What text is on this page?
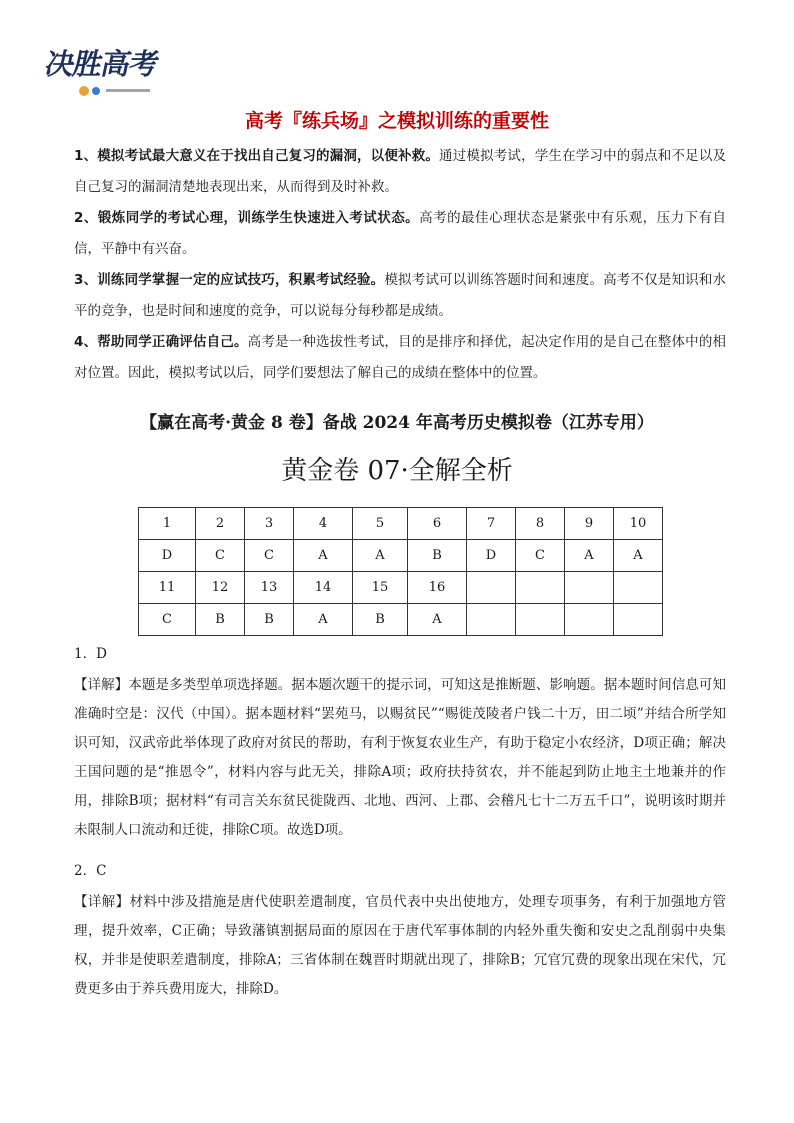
决胜高考
高考『练兵场』之模拟训练的重要性
1、模拟考试最大意义在于找出自己复习的漏洞，以便补救。通过模拟考试，学生在学习中的弱点和不足以及自己复习的漏洞清楚地表现出来，从而得到及时补救。
2、锻炼同学的考试心理，训练学生快速进入考试状态。高考的最佳心理状态是紧张中有乐观，压力下有自信，平静中有兴奋。
3、训练同学掌握一定的应试技巧，积累考试经验。模拟考试可以训练答题时间和速度。高考不仅是知识和水平的竞争，也是时间和速度的竞争，可以说每分每秒都是成绩。
4、帮助同学正确评估自己。高考是一种选拔性考试，目的是排序和择优，起决定作用的是自己在整体中的相对位置。因此，模拟考试以后，同学们要想法了解自己的成绩在整体中的位置。
【赢在高考·黄金 8 卷】备战 2024 年高考历史模拟卷（江苏专用）
黄金卷 07·全解全析
1	2	3	4	5	6	7	8	9	10
D	C	C	A	A	B	D	C	A	A
11	12	13	14	15	16				
C	B	B	A	B	A				
1．D
【详解】本题是多类型单项选择题。据本题次题干的提示词，可知这是推断题、影响题。据本题时间信息可知准确时空是：汉代（中国）。据本题材料“罢苑马，以赐贫民”“赐徙茂陵者户钱二十万，田二顷”并结合所学知识可知，汉武帝此举体现了政府对贫民的帮助，有利于恢复农业生产，有助于稳定小农经济，D项正确；解决王国问题的是“推恩令”，材料内容与此无关，排除A项；政府扶持贫农，并不能起到防止地主土地兼并的作用，排除B项；据材料“有司言关东贫民徙陇西、北地、西河、上郡、会稽凡七十二万五千口”，说明该时期并未限制人口流动和迁徙，排除C项。故选D项。
2．C
【详解】材料中涉及措施是唐代使职差遣制度，官员代表中央出使地方，处理专项事务，有利于加强地方管理，提升效率，C正确；导致藩镇割据局面的原因在于唐代军事体制的内轻外重失衡和安史之乱削弱中央集权，并非是使职差遣制度，排除A；三省体制在魏晋时期就出现了，排除B；冗官冗费的现象出现在宋代，冗费更多由于养兵费用庞大，排除D。
